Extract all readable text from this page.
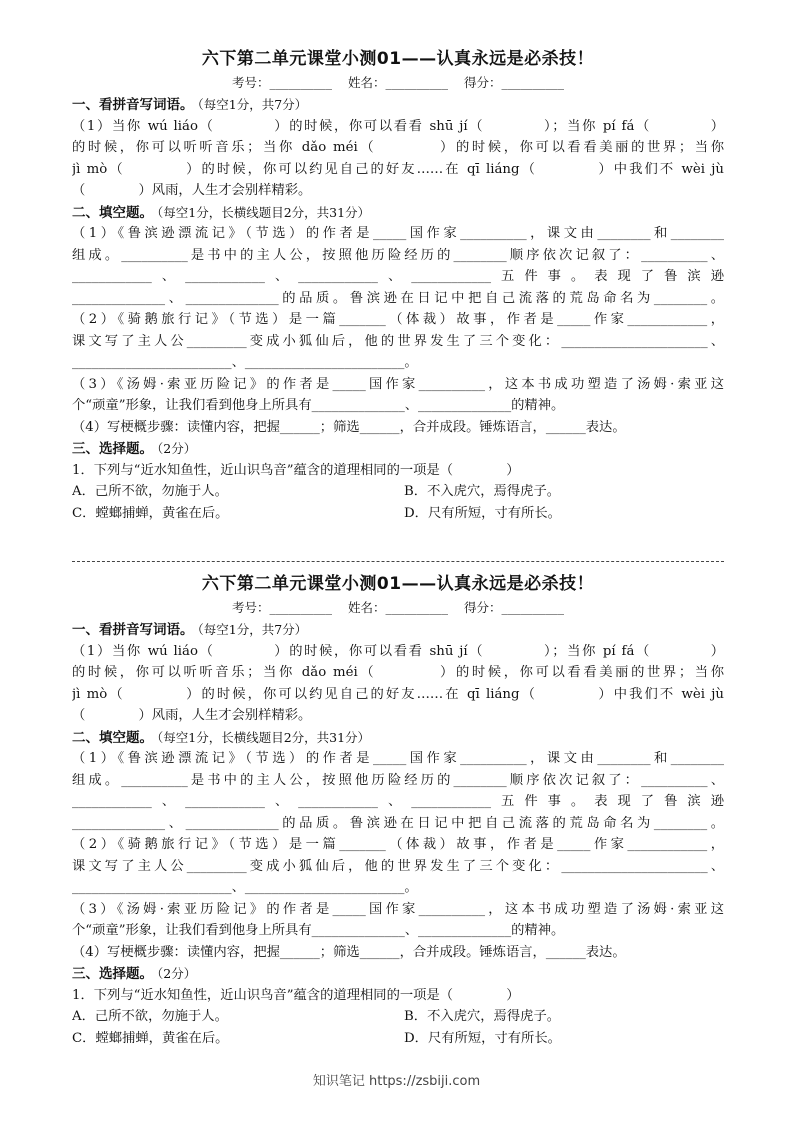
六下第二单元课堂小测01——认真永远是必杀技！
考号：__________ 姓名：__________ 得分：__________
一、看拼音写词语。 （每空1分，共7分）
（1）当你 wú liáo（　　　　）的时候，你可以看看 shū jí（　　　　）；当你 pí fá（　　　　）
的时候，你可以听听音乐；当你 dǎo méi（　　　　）的时候，你可以看看美丽的世界；当你
jì mò（　　　　）的时候，你可以约见自己的好友……在 qī liáng（　　　　）中我们不 wèi jù
（　　　　）风雨，人生才会别样精彩。
二、填空题。 （每空1分，长横线题目2分，共31分）
（1）《鲁滨逊漂流记》（节选）的作者是_____国作家__________，课文由________和________
组成。__________是书中的主人公，按照他历险经历的________顺序依次记叙了：__________、
____________、____________、____________、____________五件事。表现了鲁滨逊
______________、______________的品质。鲁滨逊在日记中把自己流落的荒岛命名为________。
（2）《骑鹅旅行记》（节选）是一篇_______（体裁）故事，作者是_____作家____________，
课文写了主人公_________变成小狐仙后，他的世界发生了三个变化：______________________、
________________________、________________________。
（3）《汤姆·索亚历险记》的作者是_____国作家__________，这本书成功塑造了汤姆·索亚这
个“顽童”形象，让我们看到他身上所具有______________、______________的精神。
（4）写梗概步骤：读懂内容，把握______；筛选______，合并成段。锤炼语言，______表达。
三、选择题。 （2分）
1．下列与“近水知鱼性，近山识鸟音”蕴含的道理相同的一项是（　　　　）
A．己所不欲，勿施于人。	B．不入虎穴，焉得虎子。
C．螳螂捕蝉，黄雀在后。	D．尺有所短，寸有所长。
六下第二单元课堂小测01——认真永远是必杀技！
考号：__________ 姓名：__________ 得分：__________
一、看拼音写词语。 （每空1分，共7分）
（1）当你 wú liáo（　　　　）的时候，你可以看看 shū jí（　　　　）；当你 pí fá（　　　　）
的时候，你可以听听音乐；当你 dǎo méi（　　　　）的时候，你可以看看美丽的世界；当你
jì mò（　　　　）的时候，你可以约见自己的好友……在 qī liáng（　　　　）中我们不 wèi jù
（　　　　）风雨，人生才会别样精彩。
二、填空题。 （每空1分，长横线题目2分，共31分）
（1）《鲁滨逊漂流记》（节选）的作者是_____国作家__________，课文由________和________
组成。__________是书中的主人公，按照他历险经历的________顺序依次记叙了：__________、
____________、____________、____________、____________五件事。表现了鲁滨逊
______________、______________的品质。鲁滨逊在日记中把自己流落的荒岛命名为________。
（2）《骑鹅旅行记》（节选）是一篇_______（体裁）故事，作者是_____作家____________，
课文写了主人公_________变成小狐仙后，他的世界发生了三个变化：______________________、
________________________、________________________。
（3）《汤姆·索亚历险记》的作者是_____国作家__________，这本书成功塑造了汤姆·索亚这
个“顽童”形象，让我们看到他身上所具有______________、______________的精神。
（4）写梗概步骤：读懂内容，把握______；筛选______，合并成段。锤炼语言，______表达。
三、选择题。 （2分）
1．下列与“近水知鱼性，近山识鸟音”蕴含的道理相同的一项是（　　　　）
A．己所不欲，勿施于人。	B．不入虎穴，焉得虎子。
C．螳螂捕蝉，黄雀在后。	D．尺有所短，寸有所长。
知识笔记 https://zsbiji.com
